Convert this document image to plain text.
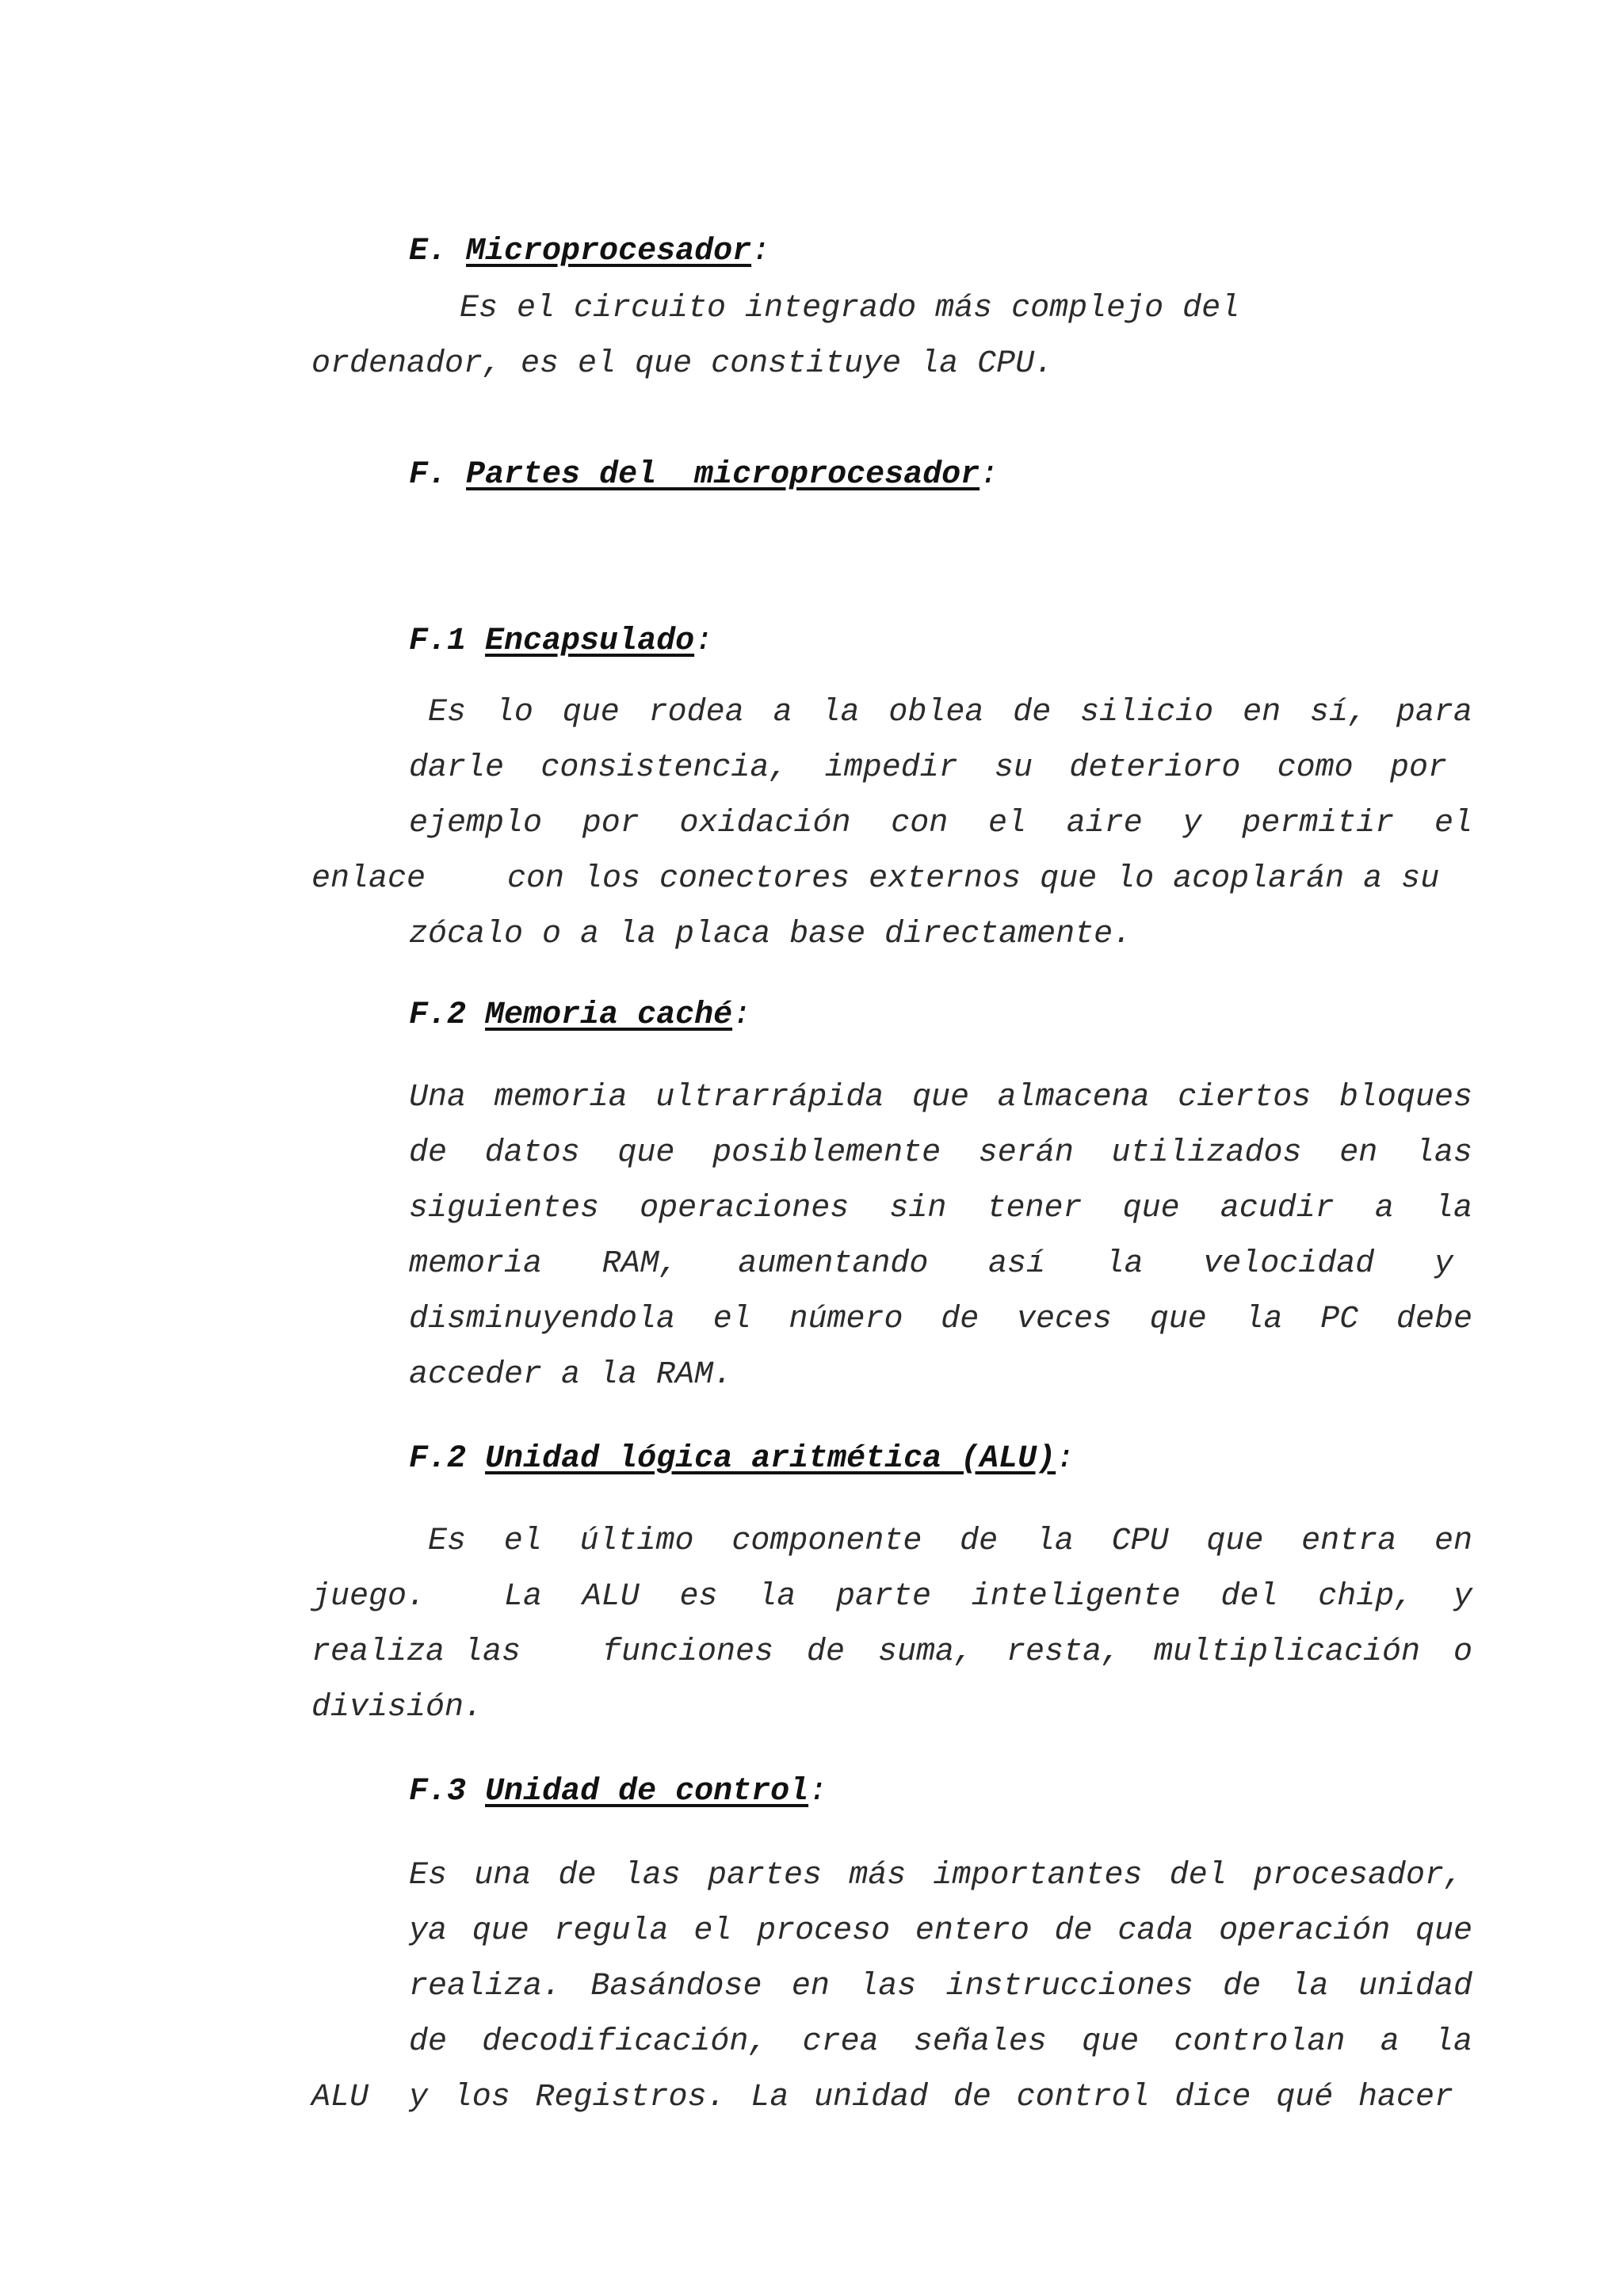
E. Microprocesador:

Es el circuito integrado más complejo del

ordenador, es el que constituye la CPU.

F. Partes del  microprocesador:
F.1 Encapsulado:

Es lo que rodea a la oblea de silicio en sí, para

darle consistencia, impedir su deterioro como por

ejemplo por oxidación con el aire y permitir el

enlace	con los conectores externos que lo acoplarán a su

zócalo o a la placa base directamente.

F.2 Memoria caché:

Una memoria ultrarrápida que almacena ciertos bloques

de datos que posiblemente serán utilizados en las

siguientes operaciones sin tener que acudir a la

memoria RAM, aumentando así la velocidad y

disminuyendola el número de veces que la PC debe

acceder a la RAM.

F.2 Unidad lógica aritmética (ALU):

Es el último componente de la CPU que entra en

juego. La ALU es la parte inteligente del chip, y

realiza las	funciones de suma, resta, multiplicación o

división.

F.3 Unidad de control:

Es una de las partes más importantes del procesador,

ya que regula el proceso entero de cada operación que

realiza. Basándose en las instrucciones de la unidad

de decodificación, crea señales que controlan a la

ALU y los Registros. La unidad de control dice qué hacer
